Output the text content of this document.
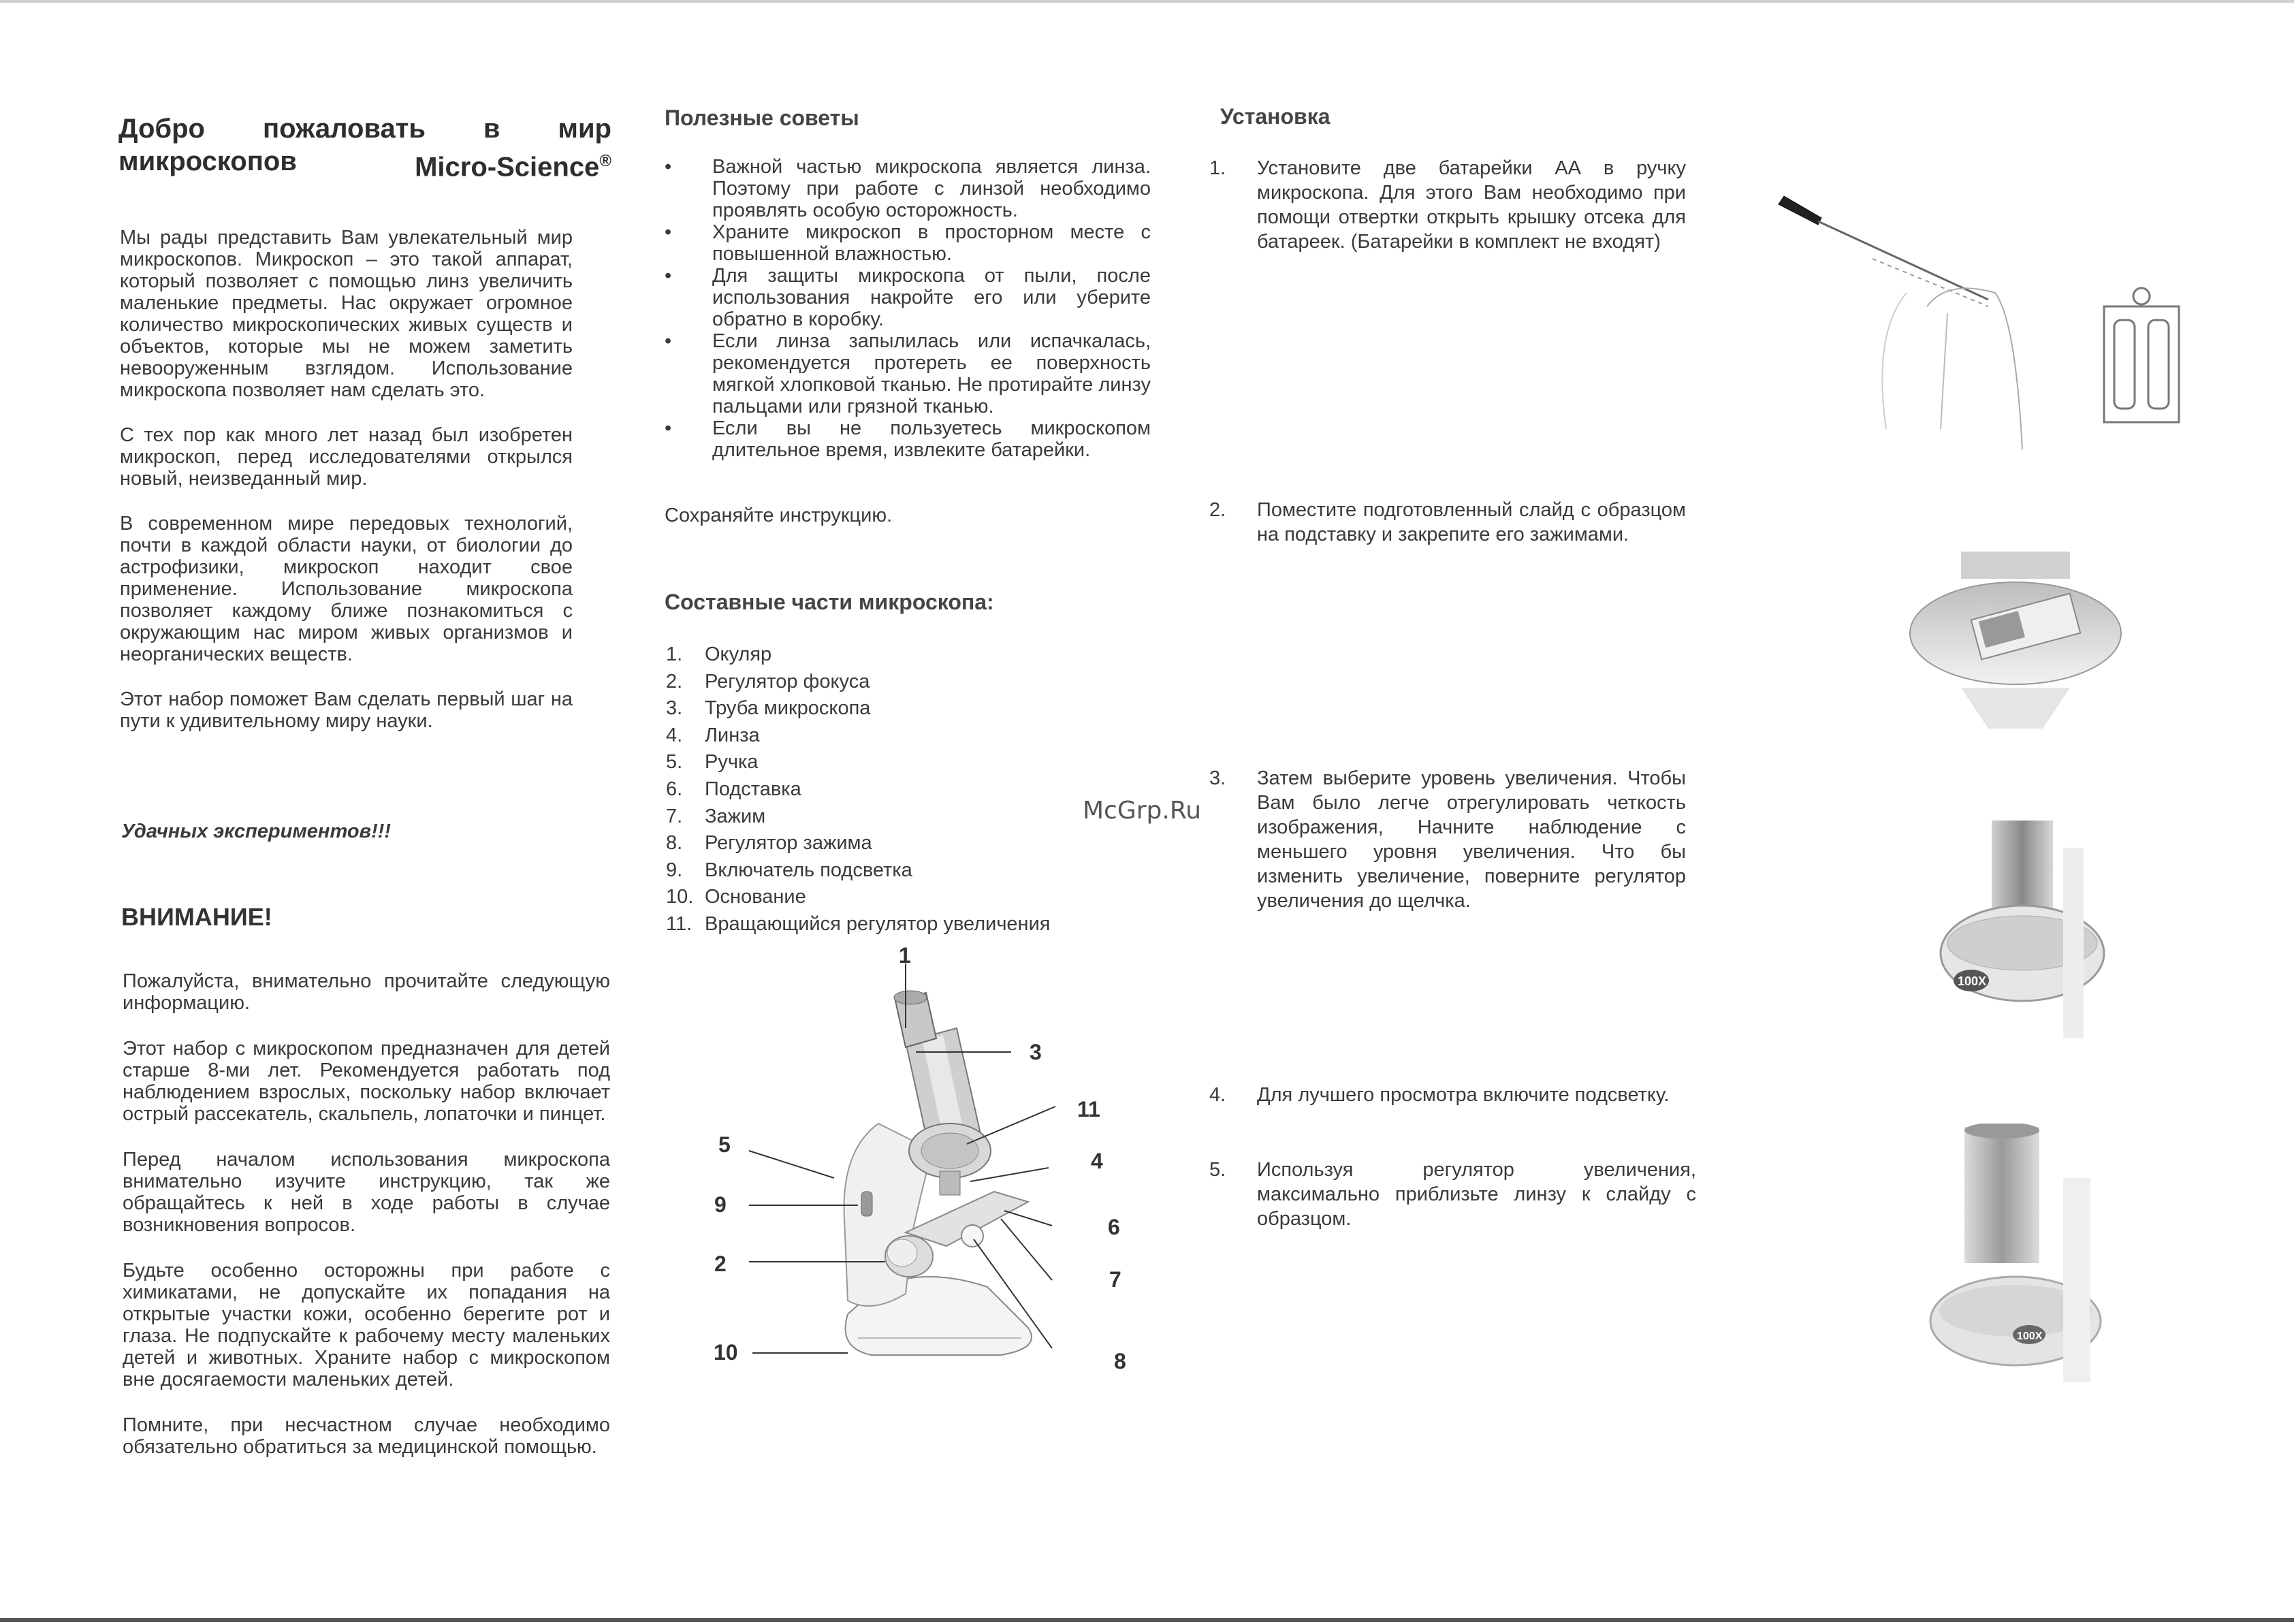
Добро пожаловать в мир
микроскопов	Micro-Science®

Мы рады представить Вам увлекательный мир микроскопов. Микроскоп – это такой аппарат, который позволяет с помощью линз увеличить маленькие предметы. Нас окружает огромное количество микроскопических живых существ и объектов, которые мы не можем заметить невооруженным взглядом. Использование микроскопа позволяет нам сделать это.

С тех пор как много лет назад был изобретен микроскоп, перед исследователями открылся новый, неизведанный мир.

В современном мире передовых технологий, почти в каждой области науки, от биологии до астрофизики, микроскоп находит свое применение. Использование микроскопа позволяет каждому ближе познакомиться с окружающим нас миром живых организмов и неорганических веществ.

Этот набор поможет Вам сделать первый шаг на пути к удивительному миру науки.

Удачных экспериментов!!!
ВНИМАНИЕ!

Пожалуйста, внимательно прочитайте следующую информацию.

Этот набор с микроскопом предназначен для детей старше 8-ми лет. Рекомендуется работать под наблюдением взрослых, поскольку набор включает острый рассекатель, скальпель, лопаточки и пинцет.

Перед началом использования микроскопа внимательно изучите инструкцию, так же обращайтесь к ней в ходе работы в случае возникновения вопросов.

Будьте особенно осторожны при работе с химикатами, не допускайте их попадания на открытые участки кожи, особенно берегите рот и глаза. Не подпускайте к рабочему месту маленьких детей и животных. Храните набор с микроскопом вне досягаемости маленьких детей.

Помните, при несчастном случае необходимо обязательно обратиться за медицинской помощью.

Полезные советы
• Важной частью микроскопа является линза. Поэтому при работе с линзой необходимо проявлять особую осторожность.
• Храните микроскоп в просторном месте с повышенной влажностью.
• Для защиты микроскопа от пыли, после использования накройте его или уберите обратно в коробку.
• Если линза запылилась или испачкалась, рекомендуется протереть ее поверхность мягкой хлопковой тканью. Не протирайте линзу пальцами или грязной тканью.
• Если вы не пользуетесь микроскопом длительное время, извлеките батарейки.
Сохраняйте инструкцию.
Составные части микроскопа:
1.	Окуляр
2.	Регулятор фокуса
3.	Труба микроскопа
4.	Линза
5.	Ручка
6.	Подставка
7.	Зажим
8.	Регулятор зажима
9.	Включатель подсветка
10. Основание
11. Вращающийся регулятор увеличения
1
3
11
4
5
9
6
2
7
10	8
McGrp.Ru
Установка
1.	Установите две батарейки АА в ручку микроскопа. Для этого Вам необходимо при помощи отвертки открыть крышку отсека для батареек. (Батарейки в комплект не входят)
2.	Поместите подготовленный слайд с образцом на подставку и закрепите его зажимами.
3.	Затем выберите уровень увеличения. Чтобы Вам было легче отрегулировать четкость изображения, Начните наблюдение с меньшего уровня увеличения. Что бы изменить увеличение, поверните регулятор увеличения до щелчка.
4.	Для лучшего просмотра включите подсветку.
5.	Используя регулятор увеличения, максимально приблизьте линзу к слайду с образцом.
100X
100X
